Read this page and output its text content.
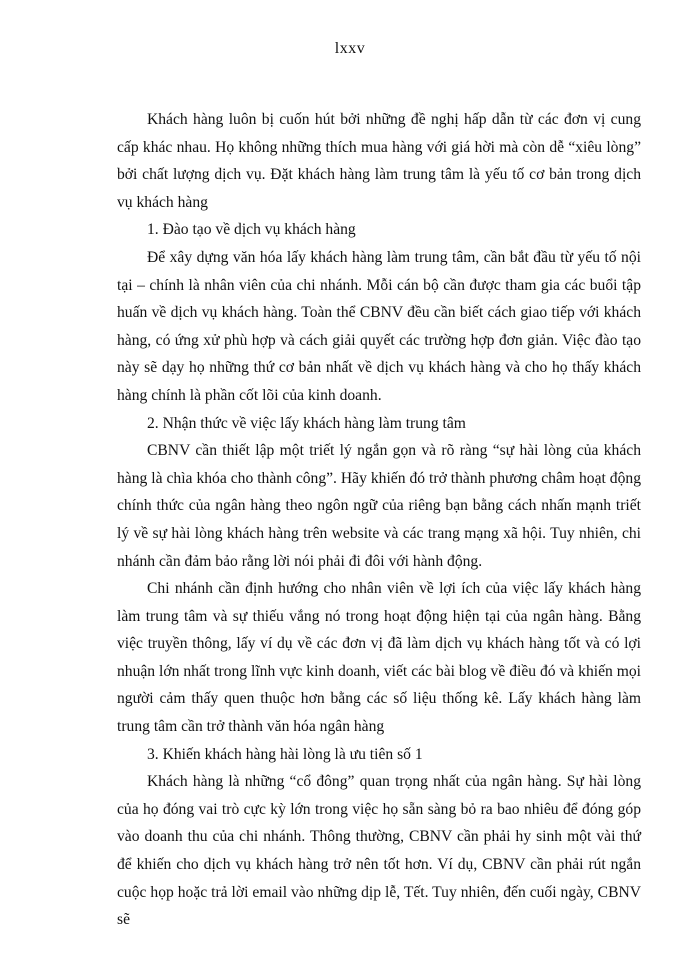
lxxv

Khách hàng luôn bị cuốn hút bởi những đề nghị hấp dẫn từ các đơn vị cung cấp khác nhau. Họ không những thích mua hàng với giá hời mà còn dễ “xiêu lòng” bởi chất lượng dịch vụ. Đặt khách hàng làm trung tâm là yếu tố cơ bản trong dịch vụ khách hàng

1. Đào tạo về dịch vụ khách hàng

Để xây dựng văn hóa lấy khách hàng làm trung tâm, cần bắt đầu từ yếu tố nội tại – chính là nhân viên của chi nhánh. Mỗi cán bộ cần được tham gia các buổi tập huấn về dịch vụ khách hàng. Toàn thể CBNV đều cần biết cách giao tiếp với khách hàng, có ứng xử phù hợp và cách giải quyết các trường hợp đơn giản. Việc đào tạo này sẽ dạy họ những thứ cơ bản nhất về dịch vụ khách hàng và cho họ thấy khách hàng chính là phần cốt lõi của kinh doanh.

2. Nhận thức về việc lấy khách hàng làm trung tâm

CBNV cần thiết lập một triết lý ngắn gọn và rõ ràng “sự hài lòng của khách hàng là chìa khóa cho thành công”. Hãy khiến đó trở thành phương châm hoạt động chính thức của ngân hàng theo ngôn ngữ của riêng bạn bằng cách nhấn mạnh triết lý về sự hài lòng khách hàng trên website và các trang mạng xã hội. Tuy nhiên, chi nhánh cần đảm bảo rằng lời nói phải đi đôi với hành động.

Chi nhánh cần định hướng cho nhân viên về lợi ích của việc lấy khách hàng làm trung tâm và sự thiếu vắng nó trong hoạt động hiện tại của ngân hàng. Bằng việc truyền thông, lấy ví dụ về các đơn vị đã làm dịch vụ khách hàng tốt và có lợi nhuận lớn nhất trong lĩnh vực kinh doanh, viết các bài blog về điều đó và khiến mọi người cảm thấy quen thuộc hơn bằng các số liệu thống kê. Lấy khách hàng làm trung tâm cần trở thành văn hóa ngân hàng

3. Khiến khách hàng hài lòng là ưu tiên số 1

Khách hàng là những “cổ đông” quan trọng nhất của ngân hàng. Sự hài lòng của họ đóng vai trò cực kỳ lớn trong việc họ sẵn sàng bỏ ra bao nhiêu để đóng góp vào doanh thu của chi nhánh. Thông thường, CBNV cần phải hy sinh một vài thứ để khiến cho dịch vụ khách hàng trở nên tốt hơn. Ví dụ, CBNV cần phải rút ngắn cuộc họp hoặc trả lời email vào những dịp lễ, Tết. Tuy nhiên, đến cuối ngày, CBNV sẽ
